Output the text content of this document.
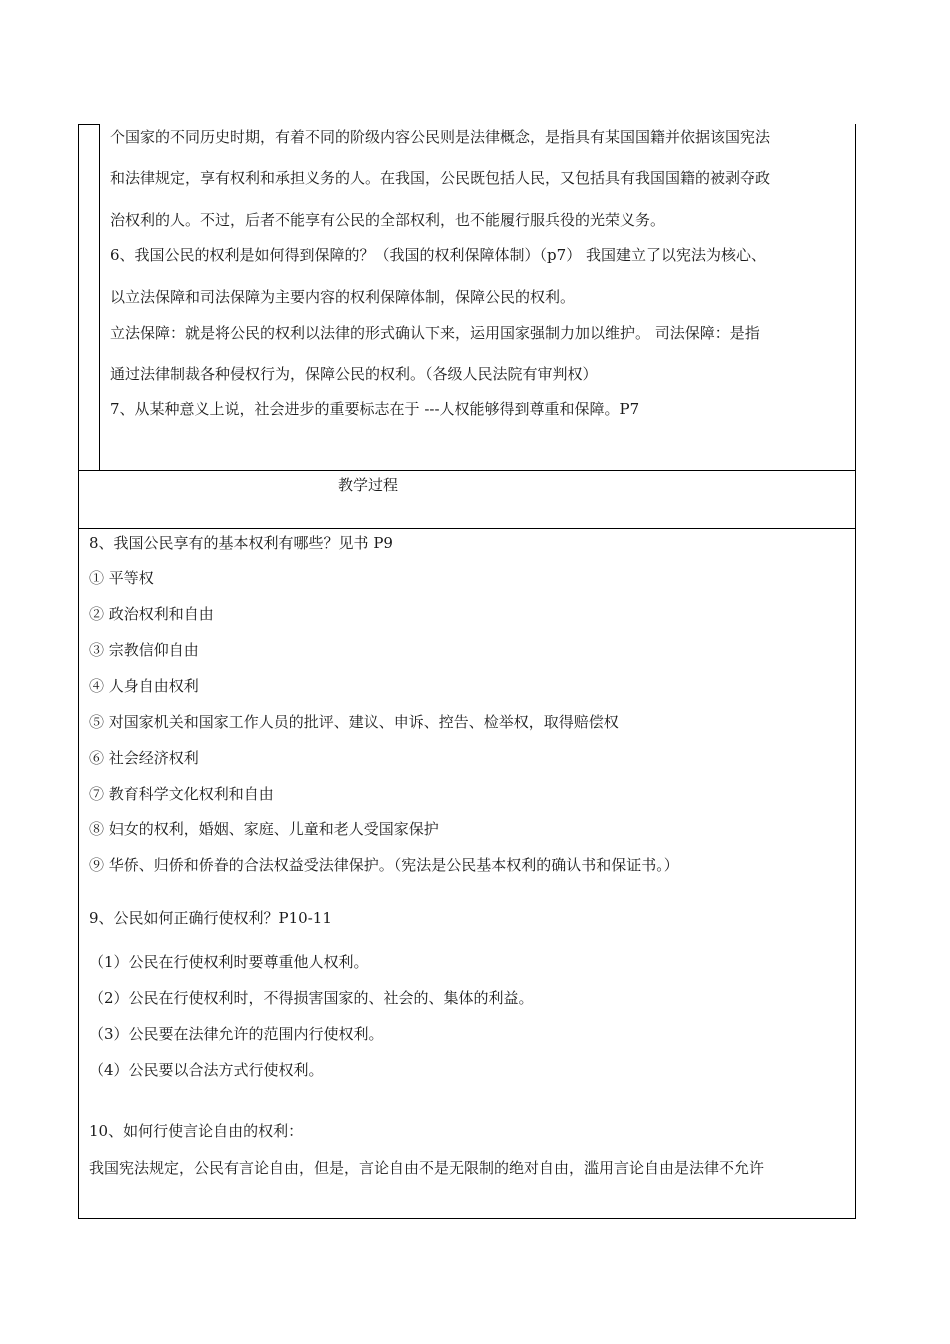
个国家的不同历史时期，有着不同的阶级内容公民则是法律概念，是指具有某国国籍并依据该国宪法
和法律规定，享有权利和承担义务的人。在我国，公民既包括人民，又包括具有我国国籍的被剥夺政
治权利的人。不过，后者不能享有公民的全部权利，也不能履行服兵役的光荣义务。
6、我国公民的权利是如何得到保障的？（我国的权利保障体制）（p7） 我国建立了以宪法为核心、
以立法保障和司法保障为主要内容的权利保障体制，保障公民的权利。
立法保障：就是将公民的权利以法律的形式确认下来，运用国家强制力加以维护。 司法保障：是指
通过法律制裁各种侵权行为，保障公民的权利。（各级人民法院有审判权）
7、从某种意义上说，社会进步的重要标志在于 ---人权能够得到尊重和保障。P7
教学过程
8、我国公民享有的基本权利有哪些？见书 P9
① 平等权
② 政治权利和自由
③ 宗教信仰自由
④ 人身自由权利
⑤ 对国家机关和国家工作人员的批评、建议、申诉、控告、检举权，取得赔偿权
⑥ 社会经济权利
⑦ 教育科学文化权利和自由
⑧ 妇女的权利，婚姻、家庭、儿童和老人受国家保护
⑨ 华侨、归侨和侨眷的合法权益受法律保护。（宪法是公民基本权利的确认书和保证书。）
9、公民如何正确行使权利？P10-11
（1）公民在行使权利时要尊重他人权利。
（2）公民在行使权利时，不得损害国家的、社会的、集体的利益。
（3）公民要在法律允许的范围内行使权利。
（4）公民要以合法方式行使权利。
10、如何行使言论自由的权利：
我国宪法规定，公民有言论自由，但是，言论自由不是无限制的绝对自由，滥用言论自由是法律不允许
